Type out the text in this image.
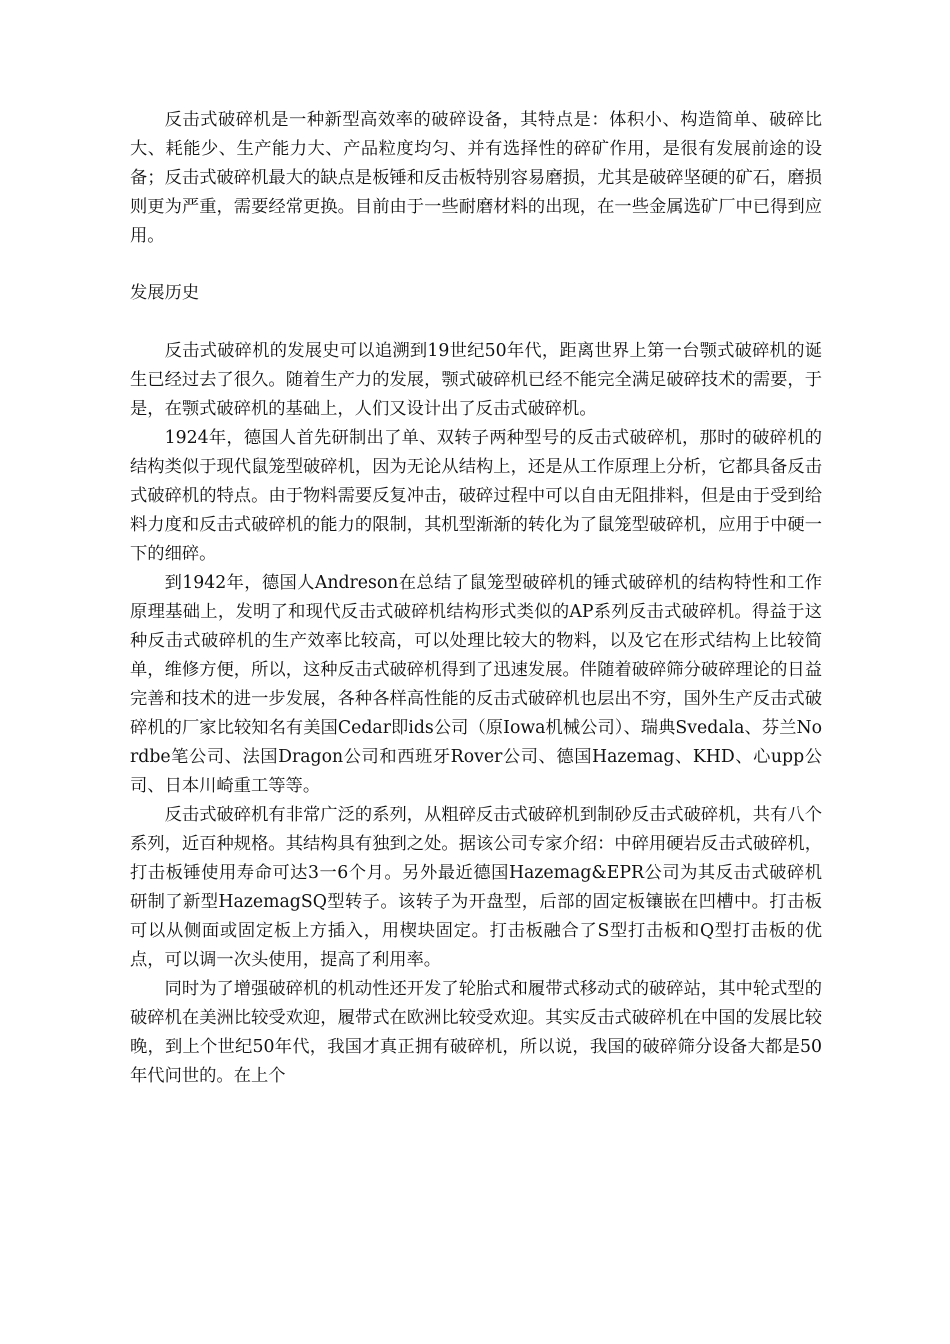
反击式破碎机是一种新型高效率的破碎设备，其特点是：体积小、构造简单、破碎比大、耗能少、生产能力大、产品粒度均匀、并有选择性的碎矿作用，是很有发展前途的设备；反击式破碎机最大的缺点是板锤和反击板特别容易磨损，尤其是破碎坚硬的矿石，磨损则更为严重，需要经常更换。目前由于一些耐磨材料的出现，在一些金属选矿厂中已得到应用。

发展历史

反击式破碎机的发展史可以追溯到19世纪50年代，距离世界上第一台颚式破碎机的诞生已经过去了很久。随着生产力的发展，颚式破碎机已经不能完全满足破碎技术的需要，于是，在颚式破碎机的基础上，人们又设计出了反击式破碎机。

1924年，德国人首先研制出了单、双转子两种型号的反击式破碎机，那时的破碎机的结构类似于现代鼠笼型破碎机，因为无论从结构上，还是从工作原理上分析，它都具备反击式破碎机的特点。由于物料需要反复冲击，破碎过程中可以自由无阻排料，但是由于受到给料力度和反击式破碎机的能力的限制，其机型渐渐的转化为了鼠笼型破碎机，应用于中硬一下的细碎。

到1942年，德国人Andreson在总结了鼠笼型破碎机的锤式破碎机的结构特性和工作原理基础上，发明了和现代反击式破碎机结构形式类似的AP系列反击式破碎机。得益于这种反击式破碎机的生产效率比较高，可以处理比较大的物料，以及它在形式结构上比较简单，维修方便，所以，这种反击式破碎机得到了迅速发展。伴随着破碎筛分破碎理论的日益完善和技术的进一步发展，各种各样高性能的反击式破碎机也层出不穷，国外生产反击式破碎机的厂家比较知名有美国Cedar即ids公司（原Iowa机械公司）、瑞典Svedala、芬兰Nordbe笔公司、法国Dragon公司和西班牙Rover公司、德国Hazemag、KHD、心upp公司、日本川崎重工等等。

反击式破碎机有非常广泛的系列，从粗碎反击式破碎机到制砂反击式破碎机，共有八个系列，近百种规格。其结构具有独到之处。据该公司专家介绍：中碎用硬岩反击式破碎机，打击板锤使用寿命可达3一6个月。另外最近德国Hazemag&EPR公司为其反击式破碎机研制了新型HazemagSQ型转子。该转子为开盘型，后部的固定板镶嵌在凹槽中。打击板可以从侧面或固定板上方插入，用楔块固定。打击板融合了S型打击板和Q型打击板的优点，可以调一次头使用，提高了利用率。

同时为了增强破碎机的机动性还开发了轮胎式和履带式移动式的破碎站，其中轮式型的破碎机在美洲比较受欢迎，履带式在欧洲比较受欢迎。其实反击式破碎机在中国的发展比较晚，到上个世纪50年代，我国才真正拥有破碎机，所以说，我国的破碎筛分设备大都是50年代问世的。在上个
